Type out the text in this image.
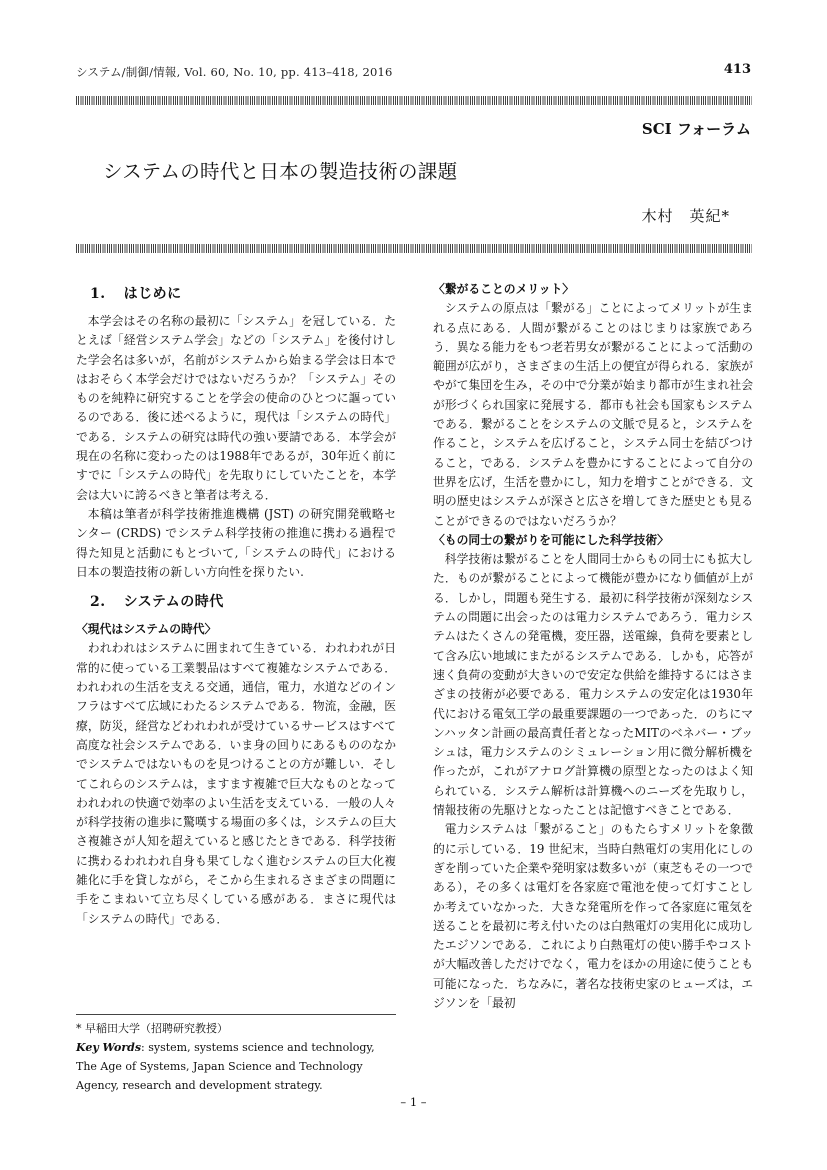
システム/制御/情報, Vol. 60, No. 10, pp. 413–418, 2016	413
SCI フォーラム
システムの時代と日本の製造技術の課題
木村　英紀*
1. はじめに

本学会はその名称の最初に「システム」を冠している．たとえば「経営システム学会」などの「システム」を後付けした学会名は多いが，名前がシステムから始まる学会は日本ではおそらく本学会だけではないだろうか？「システム」そのものを純粋に研究することを学会の使命のひとつに謳っているのである．後に述べるように，現代は「システムの時代」である．システムの研究は時代の強い要請である．本学会が現在の名称に変わったのは1988年であるが，30年近く前にすでに「システムの時代」を先取りにしていたことを，本学会は大いに誇るべきと筆者は考える．

本稿は筆者が科学技術推進機構 (JST) の研究開発戦略センター (CRDS) でシステム科学技術の推進に携わる過程で得た知見と活動にもとづいて,「システムの時代」における日本の製造技術の新しい方向性を探りたい.

2. システムの時代
〈現代はシステムの時代〉

われわれはシステムに囲まれて生きている．われわれが日常的に使っている工業製品はすべて複雑なシステムである．われわれの生活を支える交通，通信，電力，水道などのインフラはすべて広域にわたるシステムである．物流，金融，医療，防災，経営などわれわれが受けているサービスはすべて高度な社会システムである．いま身の回りにあるもののなかでシステムではないものを見つけることの方が難しい．そしてこれらのシステムは，ますます複雑で巨大なものとなってわれわれの快適で効率のよい生活を支えている．一般の人々が科学技術の進歩に驚嘆する場面の多くは，システムの巨大さ複雑さが人知を超えていると感じたときである．科学技術に携わるわれわれ自身も果てしなく進むシステムの巨大化複雑化に手を貸しながら，そこから生まれるさまざまの問題に手をこまねいて立ち尽くしている感がある．まさに現代は「システムの時代」である．

* 早稲田大学（招聘研究教授）
Key Words: system, systems science and technology, The Age of Systems, Japan Science and Technology Agency, research and development strategy.
〈繋がることのメリット〉

システムの原点は「繋がる」ことによってメリットが生まれる点にある．人間が繋がることのはじまりは家族であろう．異なる能力をもつ老若男女が繋がることによって活動の範囲が広がり，さまざまの生活上の便宜が得られる．家族がやがて集団を生み，その中で分業が始まり都市が生まれ社会が形づくられ国家に発展する．都市も社会も国家もシステムである．繋がることをシステムの文脈で見ると，システムを作ること，システムを広げること，システム同士を結びつけること，である．システムを豊かにすることによって自分の世界を広げ，生活を豊かにし，知力を増すことができる．文明の歴史はシステムが深さと広さを増してきた歴史とも見ることができるのではないだろうか？

〈もの同士の繋がりを可能にした科学技術〉

科学技術は繋がることを人間同士からもの同士にも拡大した．ものが繋がることによって機能が豊かになり価値が上がる．しかし，問題も発生する．最初に科学技術が深刻なシステムの問題に出会ったのは電力システムであろう．電力システムはたくさんの発電機，変圧器，送電線，負荷を要素として含み広い地域にまたがるシステムである．しかも，応答が速く負荷の変動が大きいので安定な供給を維持するにはさまざまの技術が必要である．電力システムの安定化は1930年代における電気工学の最重要課題の一つであった．のちにマンハッタン計画の最高責任者となったMITのベネバー・ブッシュは，電力システムのシミュレーション用に微分解析機を作ったが，これがアナログ計算機の原型となったのはよく知られている．システム解析は計算機へのニーズを先取りし，情報技術の先駆けとなったことは記憶すべきことである．

電力システムは「繋がること」のもたらすメリットを象徴的に示している．19 世紀末，当時白熱電灯の実用化にしのぎを削っていた企業や発明家は数多いが（東芝もその一つである），その多くは電灯を各家庭で電池を使って灯すことしか考えていなかった．大きな発電所を作って各家庭に電気を送ることを最初に考え付いたのは白熱電灯の実用化に成功したエジソンである．これにより白熱電灯の使い勝手やコストが大幅改善しただけでなく，電力をほかの用途に使うことも可能になった．ちなみに，著名な技術史家のヒューズは，エジソンを「最初

– 1 –
